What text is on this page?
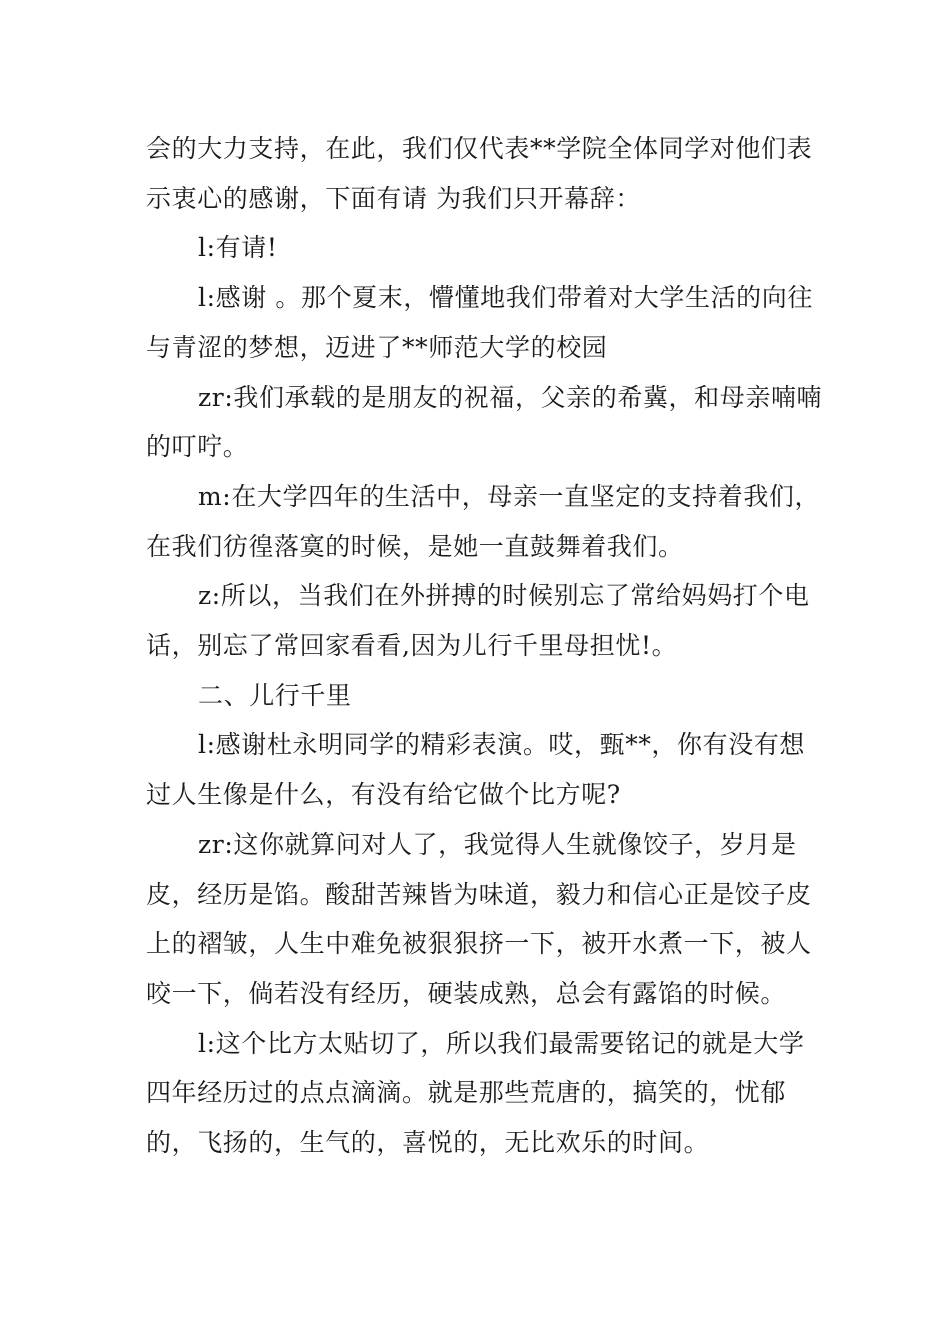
会的大力支持，在此，我们仅代表**学院全体同学对他们表示衷心的感谢，下面有请 为我们只开幕辞：

l:有请!

l:感谢 。那个夏末，懵懂地我们带着对大学生活的向往与青涩的梦想，迈进了**师范大学的校园

zr:我们承载的是朋友的祝福，父亲的希冀，和母亲喃喃的叮咛。

m:在大学四年的生活中，母亲一直坚定的支持着我们，在我们彷徨落寞的时候，是她一直鼓舞着我们。

z:所以，当我们在外拼搏的时候别忘了常给妈妈打个电话，别忘了常回家看看,因为儿行千里母担忧!。

二、儿行千里

l:感谢杜永明同学的精彩表演。哎，甄**，你有没有想过人生像是什么，有没有给它做个比方呢?

zr:这你就算问对人了，我觉得人生就像饺子，岁月是皮，经历是馅。酸甜苦辣皆为味道，毅力和信心正是饺子皮上的褶皱，人生中难免被狠狠挤一下，被开水煮一下，被人咬一下，倘若没有经历，硬装成熟，总会有露馅的时候。

l:这个比方太贴切了，所以我们最需要铭记的就是大学四年经历过的点点滴滴。就是那些荒唐的，搞笑的，忧郁的，飞扬的，生气的，喜悦的，无比欢乐的时间。
